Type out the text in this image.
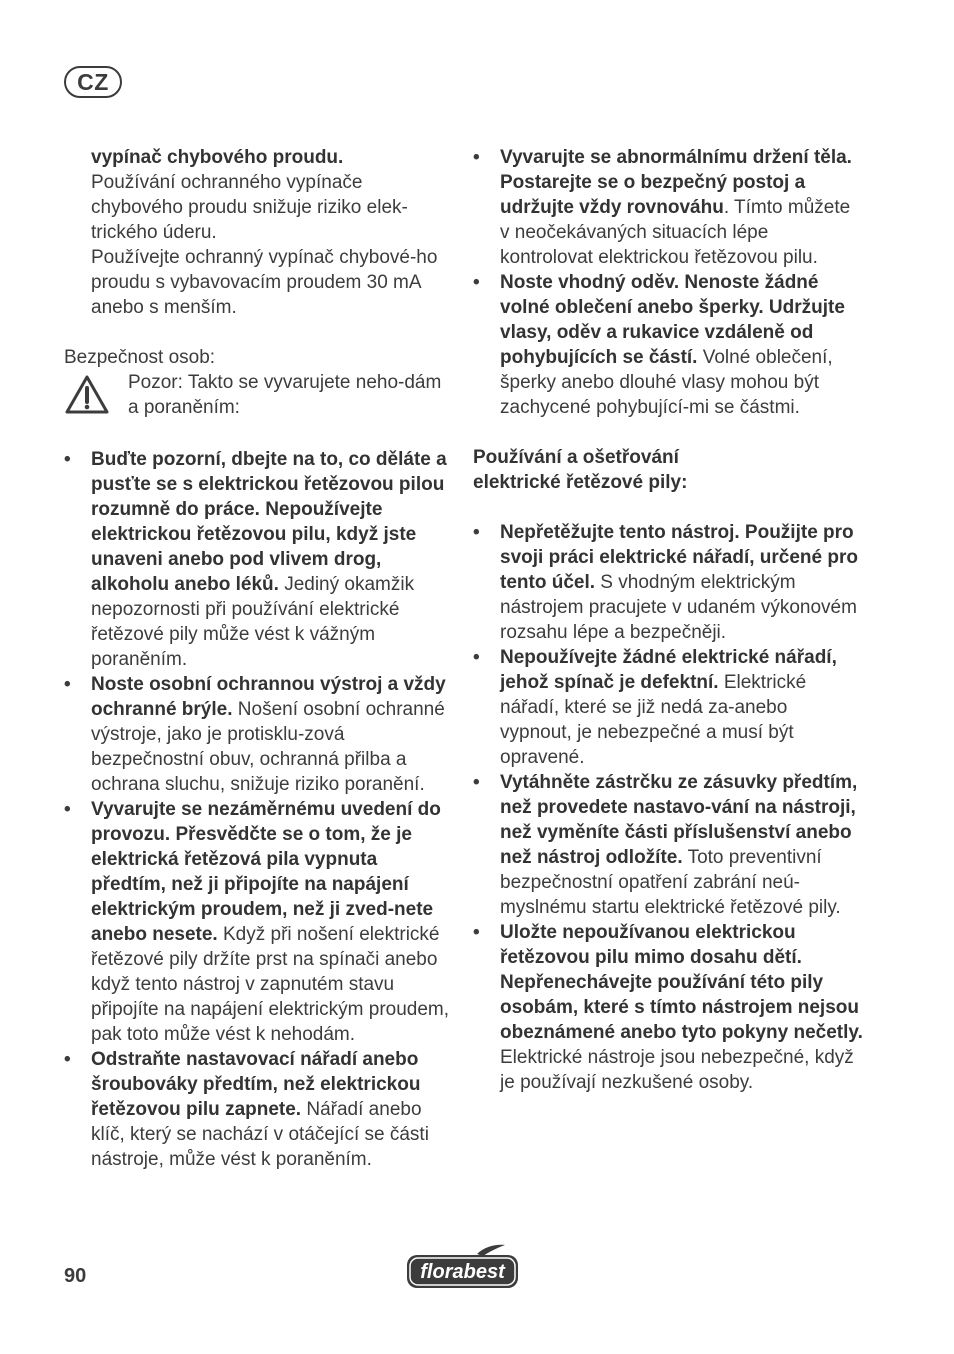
CZ

vypínač chybového proudu.

Používání ochranného vypínače chybového proudu snižuje riziko elek-trického úderu.

Používejte ochranný vypínač chybové-ho proudu s vybavovacím proudem 30 mA anebo s menším.

Bezpečnost osob:

Pozor: Takto se vyvarujete neho-dám a poraněním:

• Buďte pozorní, dbejte na to, co děláte a pusťte se s elektrickou řetězovou pilou rozumně do práce. Nepoužívejte elektrickou řetězovou pilu, když jste unaveni anebo pod vlivem drog, alkoholu anebo léků. Jediný okamžik nepozornosti při používání elektrické řetězové pily může vést k vážným poraněním.
• Noste osobní ochrannou výstroj a vždy ochranné brýle. Nošení osobní ochranné výstroje, jako je protisklu-zová bezpečnostní obuv, ochranná přilba a ochrana sluchu, snižuje riziko poranění.
• Vyvarujte se nezáměrnému uvedení do provozu. Přesvědčte se o tom, že je elektrická řetězová pila vypnuta předtím, než ji připojíte na napájení elektrickým proudem, než ji zved-nete anebo nesete. Když při nošení elektrické řetězové pily držíte prst na spínači anebo když tento nástroj v zapnutém stavu připojíte na napájení elektrickým proudem, pak toto může vést k nehodám.
• Odstraňte nastavovací nářadí anebo šroubováky předtím, než elektrickou řetězovou pilu zapnete. Nářadí anebo klíč, který se nachází v otáčející se části nástroje, může vést k poraněním.
• Vyvarujte se abnormálnímu držení těla. Postarejte se o bezpečný postoj a udržujte vždy rovnováhu. Tímto můžete v neočekávaných situacích lépe kontrolovat elektrickou řetězovou pilu.
• Noste vhodný oděv. Nenoste žádné volné oblečení anebo šperky. Udržujte vlasy, oděv a rukavice vzdáleně od pohybujících se částí. Volné oblečení, šperky anebo dlouhé vlasy mohou být zachycené pohybující-mi se částmi.

Používání a ošetřování
elektrické řetězové pily:

• Nepřetěžujte tento nástroj. Použijte pro svoji práci elektrické nářadí, určené pro tento účel. S vhodným elektrickým nástrojem pracujete v udaném výkonovém rozsahu lépe a bezpečněji.
• Nepoužívejte žádné elektrické nářadí, jehož spínač je defektní. Elektrické nářadí, které se již nedá za-anebo vypnout, je nebezpečné a musí být opravené.
• Vytáhněte zástrčku ze zásuvky předtím, než provedete nastavo-vání na nástroji, než vyměníte části příslušenství anebo než nástroj odložíte. Toto preventivní bezpečnostní opatření zabrání neú-myslnému startu elektrické řetězové pily.
• Uložte nepoužívanou elektrickou řetězovou pilu mimo dosahu dětí. Nepřenechávejte používání této pily osobám, které s tímto nástrojem nejsou obeznámené anebo tyto pokyny nečetly. Elektrické nástroje jsou nebezpečné, když je používají nezkušené osoby.
90	florabest
